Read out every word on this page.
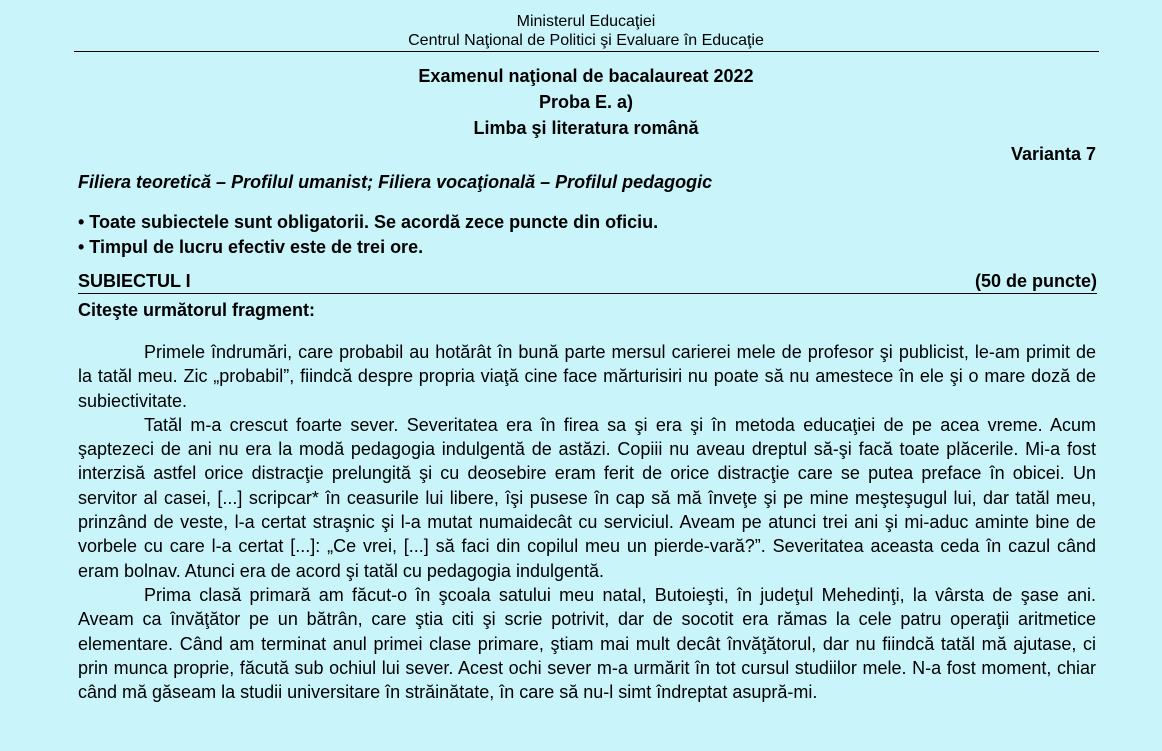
Ministerul Educaţiei
Centrul Naţional de Politici şi Evaluare în Educaţie
Examenul naţional de bacalaureat 2022
Proba E. a)
Limba şi literatura română
Varianta 7
Filiera teoretică – Profilul umanist; Filiera vocaţională – Profilul pedagogic
• Toate subiectele sunt obligatorii. Se acordă zece puncte din oficiu.
• Timpul de lucru efectiv este de trei ore.
SUBIECTUL I	(50 de puncte)
Citeşte următorul fragment:

Primele îndrumări, care probabil au hotărât în bună parte mersul carierei mele de profesor şi publicist, le-am primit de la tatăl meu. Zic „probabil”, fiindcă despre propria viaţă cine face mărturisiri nu poate să nu amestece în ele şi o mare doză de subiectivitate.

Tatăl m-a crescut foarte sever. Severitatea era în firea sa şi era şi în metoda educaţiei de pe acea vreme. Acum şaptezeci de ani nu era la modă pedagogia indulgentă de astăzi. Copiii nu aveau dreptul să-şi facă toate plăcerile. Mi-a fost interzisă astfel orice distracţie prelungită şi cu deosebire eram ferit de orice distracţie care se putea preface în obicei. Un servitor al casei, [...] scripcar* în ceasurile lui libere, îşi pusese în cap să mă înveţe şi pe mine meşteşugul lui, dar tatăl meu, prinzând de veste, l-a certat straşnic şi l-a mutat numaidecât cu serviciul. Aveam pe atunci trei ani şi mi-aduc aminte bine de vorbele cu care l-a certat [...]: „Ce vrei, [...] să faci din copilul meu un pierde-vară?”. Severitatea aceasta ceda în cazul când eram bolnav. Atunci era de acord şi tatăl cu pedagogia indulgentă.

Prima clasă primară am făcut-o în şcoala satului meu natal, Butoieşti, în judeţul Mehedinţi, la vârsta de şase ani. Aveam ca învăţător pe un bătrân, care ştia citi şi scrie potrivit, dar de socotit era rămas la cele patru operaţii aritmetice elementare. Când am terminat anul primei clase primare, ştiam mai mult decât învăţătorul, dar nu fiindcă tatăl mă ajutase, ci prin munca proprie, făcută sub ochiul lui sever. Acest ochi sever m-a urmărit în tot cursul studiilor mele. N-a fost moment, chiar când mă găseam la studii universitare în străinătate, în care să nu-l simt îndreptat asupră-mi.
